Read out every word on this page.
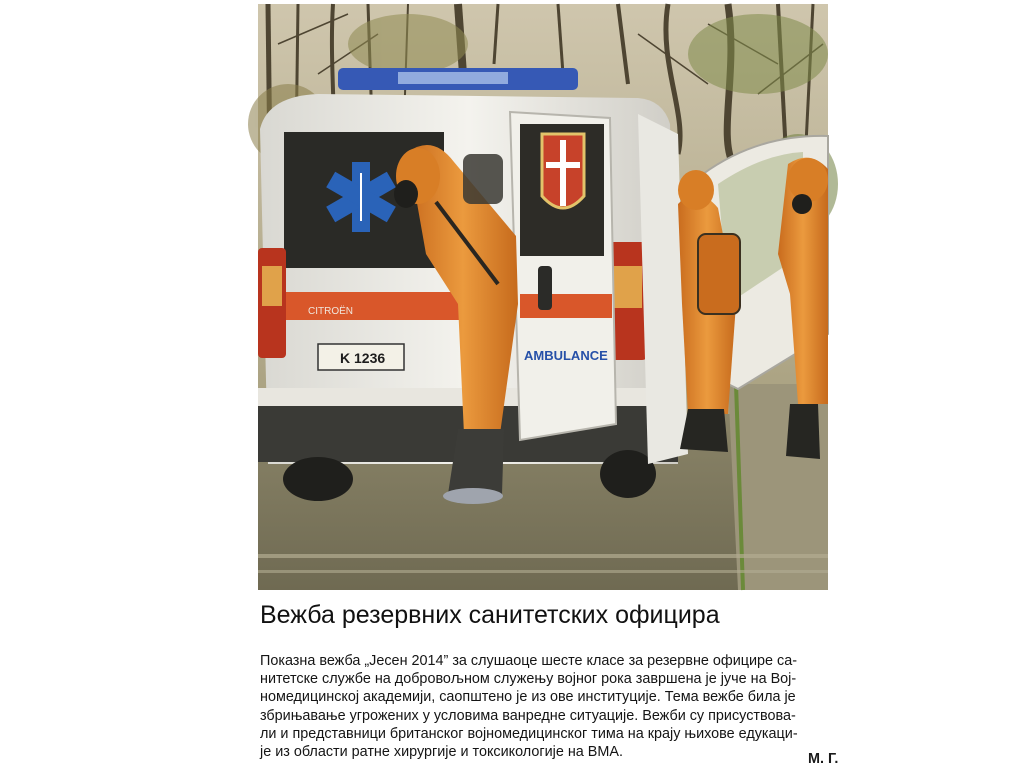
CITROËN
K 1236	AMBULANCE
Вежба резервних санитетских официра
Показна вежба „Јесен 2014” за слушаоце шесте класе за резервне официре са-
нитетске службе на добровољном служењу војног рока завршена је јуче на Вој-
номедицинској академији, саопштено је из ове институције. Тема вежбе била је
збрињавање угрожених у условима ванредне ситуације. Вежби су присуствова-
ли и представници британског војномедицинског тима на крају њихове едукаци-
је из области ратне хирургије и токсикологије на ВМА.	М. Г.
